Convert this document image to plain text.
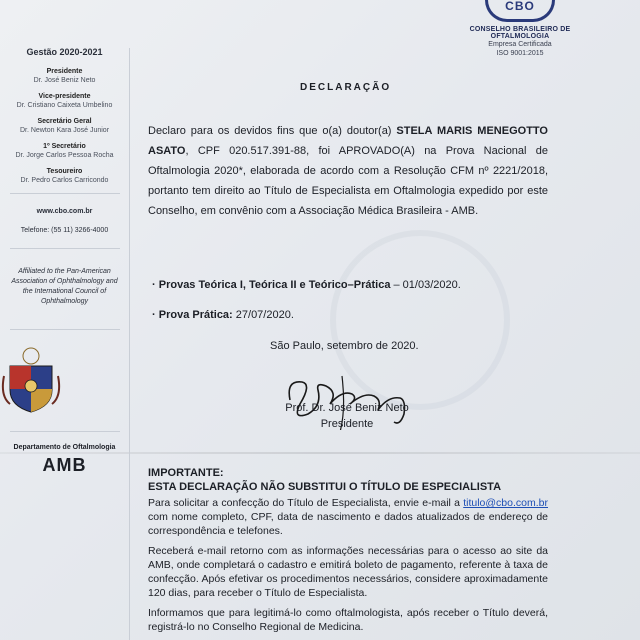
CBO
CONSELHO BRASILEIRO DE OFTALMOLOGIA
Empresa Certificada
ISO 9001:2015
Gestão 2020-2021
Presidente
Dr. José Beniz Neto
Vice-presidente
Dr. Cristiano Caixeta Umbelino
Secretário Geral
Dr. Newton Kara José Junior
1º Secretário
Dr. Jorge Carlos Pessoa Rocha
Tesoureiro
Dr. Pedro Carlos Carricondo
www.cbo.com.br
Telefone: (55 11) 3266-4000
Affiliated to the Pan-American Association of Ophthalmology and the International Council of Ophthalmology
Departamento de Oftalmologia
AMB
DECLARAÇÃO
Declaro para os devidos fins que o(a) doutor(a) STELA MARIS MENEGOTTO ASATO, CPF 020.517.391-88, foi APROVADO(A) na Prova Nacional de Oftalmologia 2020*, elaborada de acordo com a Resolução CFM nº 2221/2018, portanto tem direito ao Título de Especialista em Oftalmologia expedido por este Conselho, em convênio com a Associação Médica Brasileira - AMB.
· Provas Teórica I, Teórica II e Teórico–Prática – 01/03/2020.
· Prova Prática: 27/07/2020.
São Paulo, setembro de 2020.
Prof. Dr. José Beniz Neto
Presidente
IMPORTANTE:
ESTA DECLARAÇÃO NÃO SUBSTITUI O TÍTULO DE ESPECIALISTA
Para solicitar a confecção do Título de Especialista, envie e-mail a titulo@cbo.com.br com nome completo, CPF, data de nascimento e dados atualizados de endereço de correspondência e telefones.
Receberá e-mail retorno com as informações necessárias para o acesso ao site da AMB, onde completará o cadastro e emitirá boleto de pagamento, referente à taxa de confecção. Após efetivar os procedimentos necessários, considere aproximadamente 120 dias, para receber o Título de Especialista.
Informamos que para legitimá-lo como oftalmologista, após receber o Título deverá, registrá-lo no Conselho Regional de Medicina.
